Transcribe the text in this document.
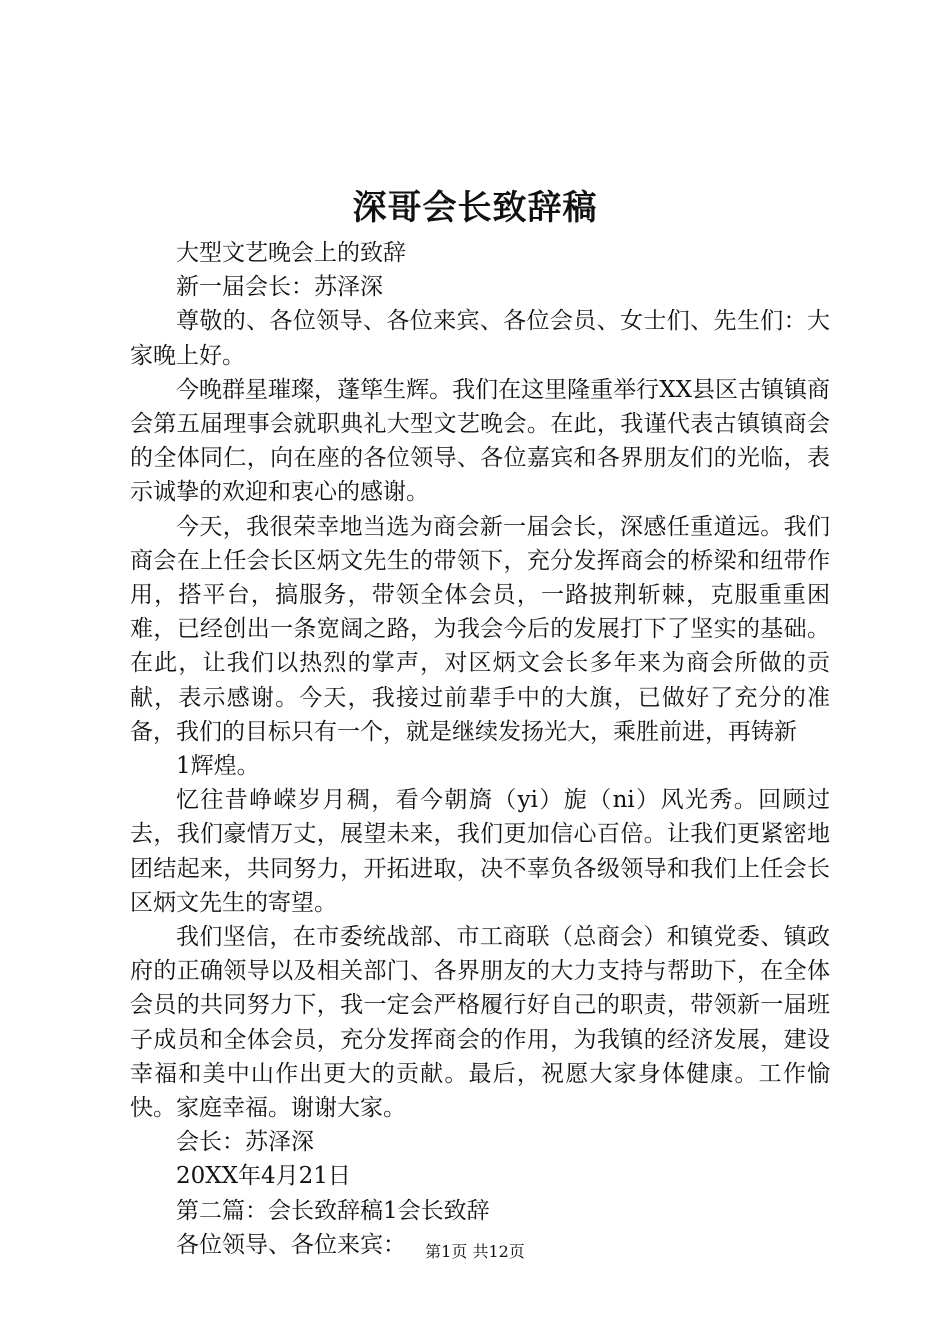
深哥会长致辞稿

大型文艺晚会上的致辞

新一届会长：苏泽深

尊敬的、各位领导、各位来宾、各位会员、女士们、先生们：大家晚上好。

今晚群星璀璨，蓬筚生辉。我们在这里隆重举行XX县区古镇镇商会第五届理事会就职典礼大型文艺晚会。在此，我谨代表古镇镇商会的全体同仁，向在座的各位领导、各位嘉宾和各界朋友们的光临，表示诚挚的欢迎和衷心的感谢。

今天，我很荣幸地当选为商会新一届会长，深感任重道远。我们商会在上任会长区炳文先生的带领下，充分发挥商会的桥梁和纽带作用，搭平台，搞服务，带领全体会员，一路披荆斩棘，克服重重困难，已经创出一条宽阔之路，为我会今后的发展打下了坚实的基础。在此，让我们以热烈的掌声，对区炳文会长多年来为商会所做的贡献，表示感谢。今天，我接过前辈手中的大旗，已做好了充分的准备，我们的目标只有一个，就是继续发扬光大，乘胜前进，再铸新

1辉煌。

忆往昔峥嵘岁月稠，看今朝旖（yi）旎（ni）风光秀。回顾过去，我们豪情万丈，展望未来，我们更加信心百倍。让我们更紧密地团结起来，共同努力，开拓进取，决不辜负各级领导和我们上任会长区炳文先生的寄望。

我们坚信，在市委统战部、市工商联（总商会）和镇党委、镇政府的正确领导以及相关部门、各界朋友的大力支持与帮助下，在全体会员的共同努力下，我一定会严格履行好自己的职责，带领新一届班子成员和全体会员，充分发挥商会的作用，为我镇的经济发展，建设幸福和美中山作出更大的贡献。最后，祝愿大家身体健康。工作愉快。家庭幸福。谢谢大家。

会长：苏泽深

20XX年4月21日

第二篇：会长致辞稿1会长致辞

各位领导、各位来宾：	第1页 共12页
